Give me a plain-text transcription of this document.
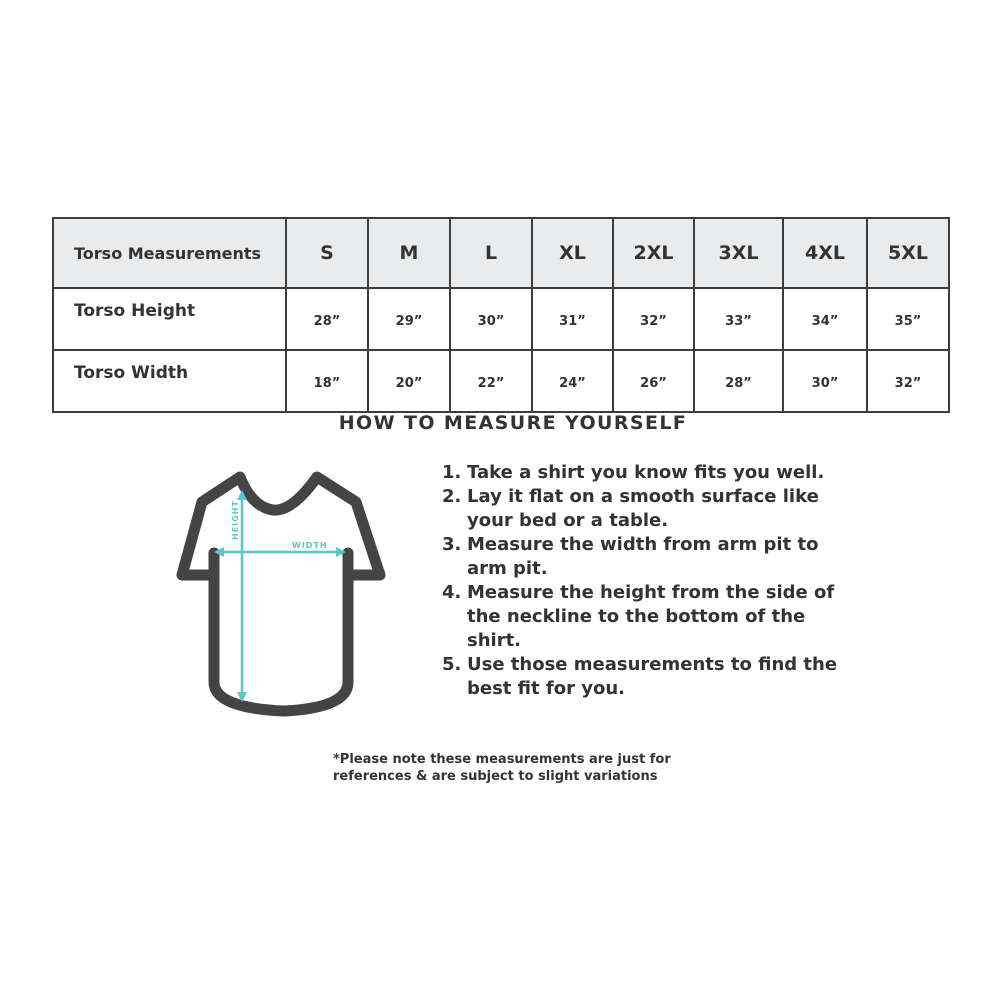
Torso Measurements	S	M	L	XL	2XL	3XL	4XL	5XL
Torso Height	28”	29”	30”	31”	32”	33”	34”	35”
Torso Width	18”	20”	22”	24”	26”	28”	30”	32”
HOW TO MEASURE YOURSELF
HEIGHT
WIDTH
1. Take a shirt you know fits you well.
2. Lay it flat on a smooth surface like your bed or a table.
3. Measure the width from arm pit to arm pit.
4. Measure the height from the side of the neckline to the bottom of the shirt.
5. Use those measurements to find the best fit for you.
*Please note these measurements are just for references & are subject to slight variations
